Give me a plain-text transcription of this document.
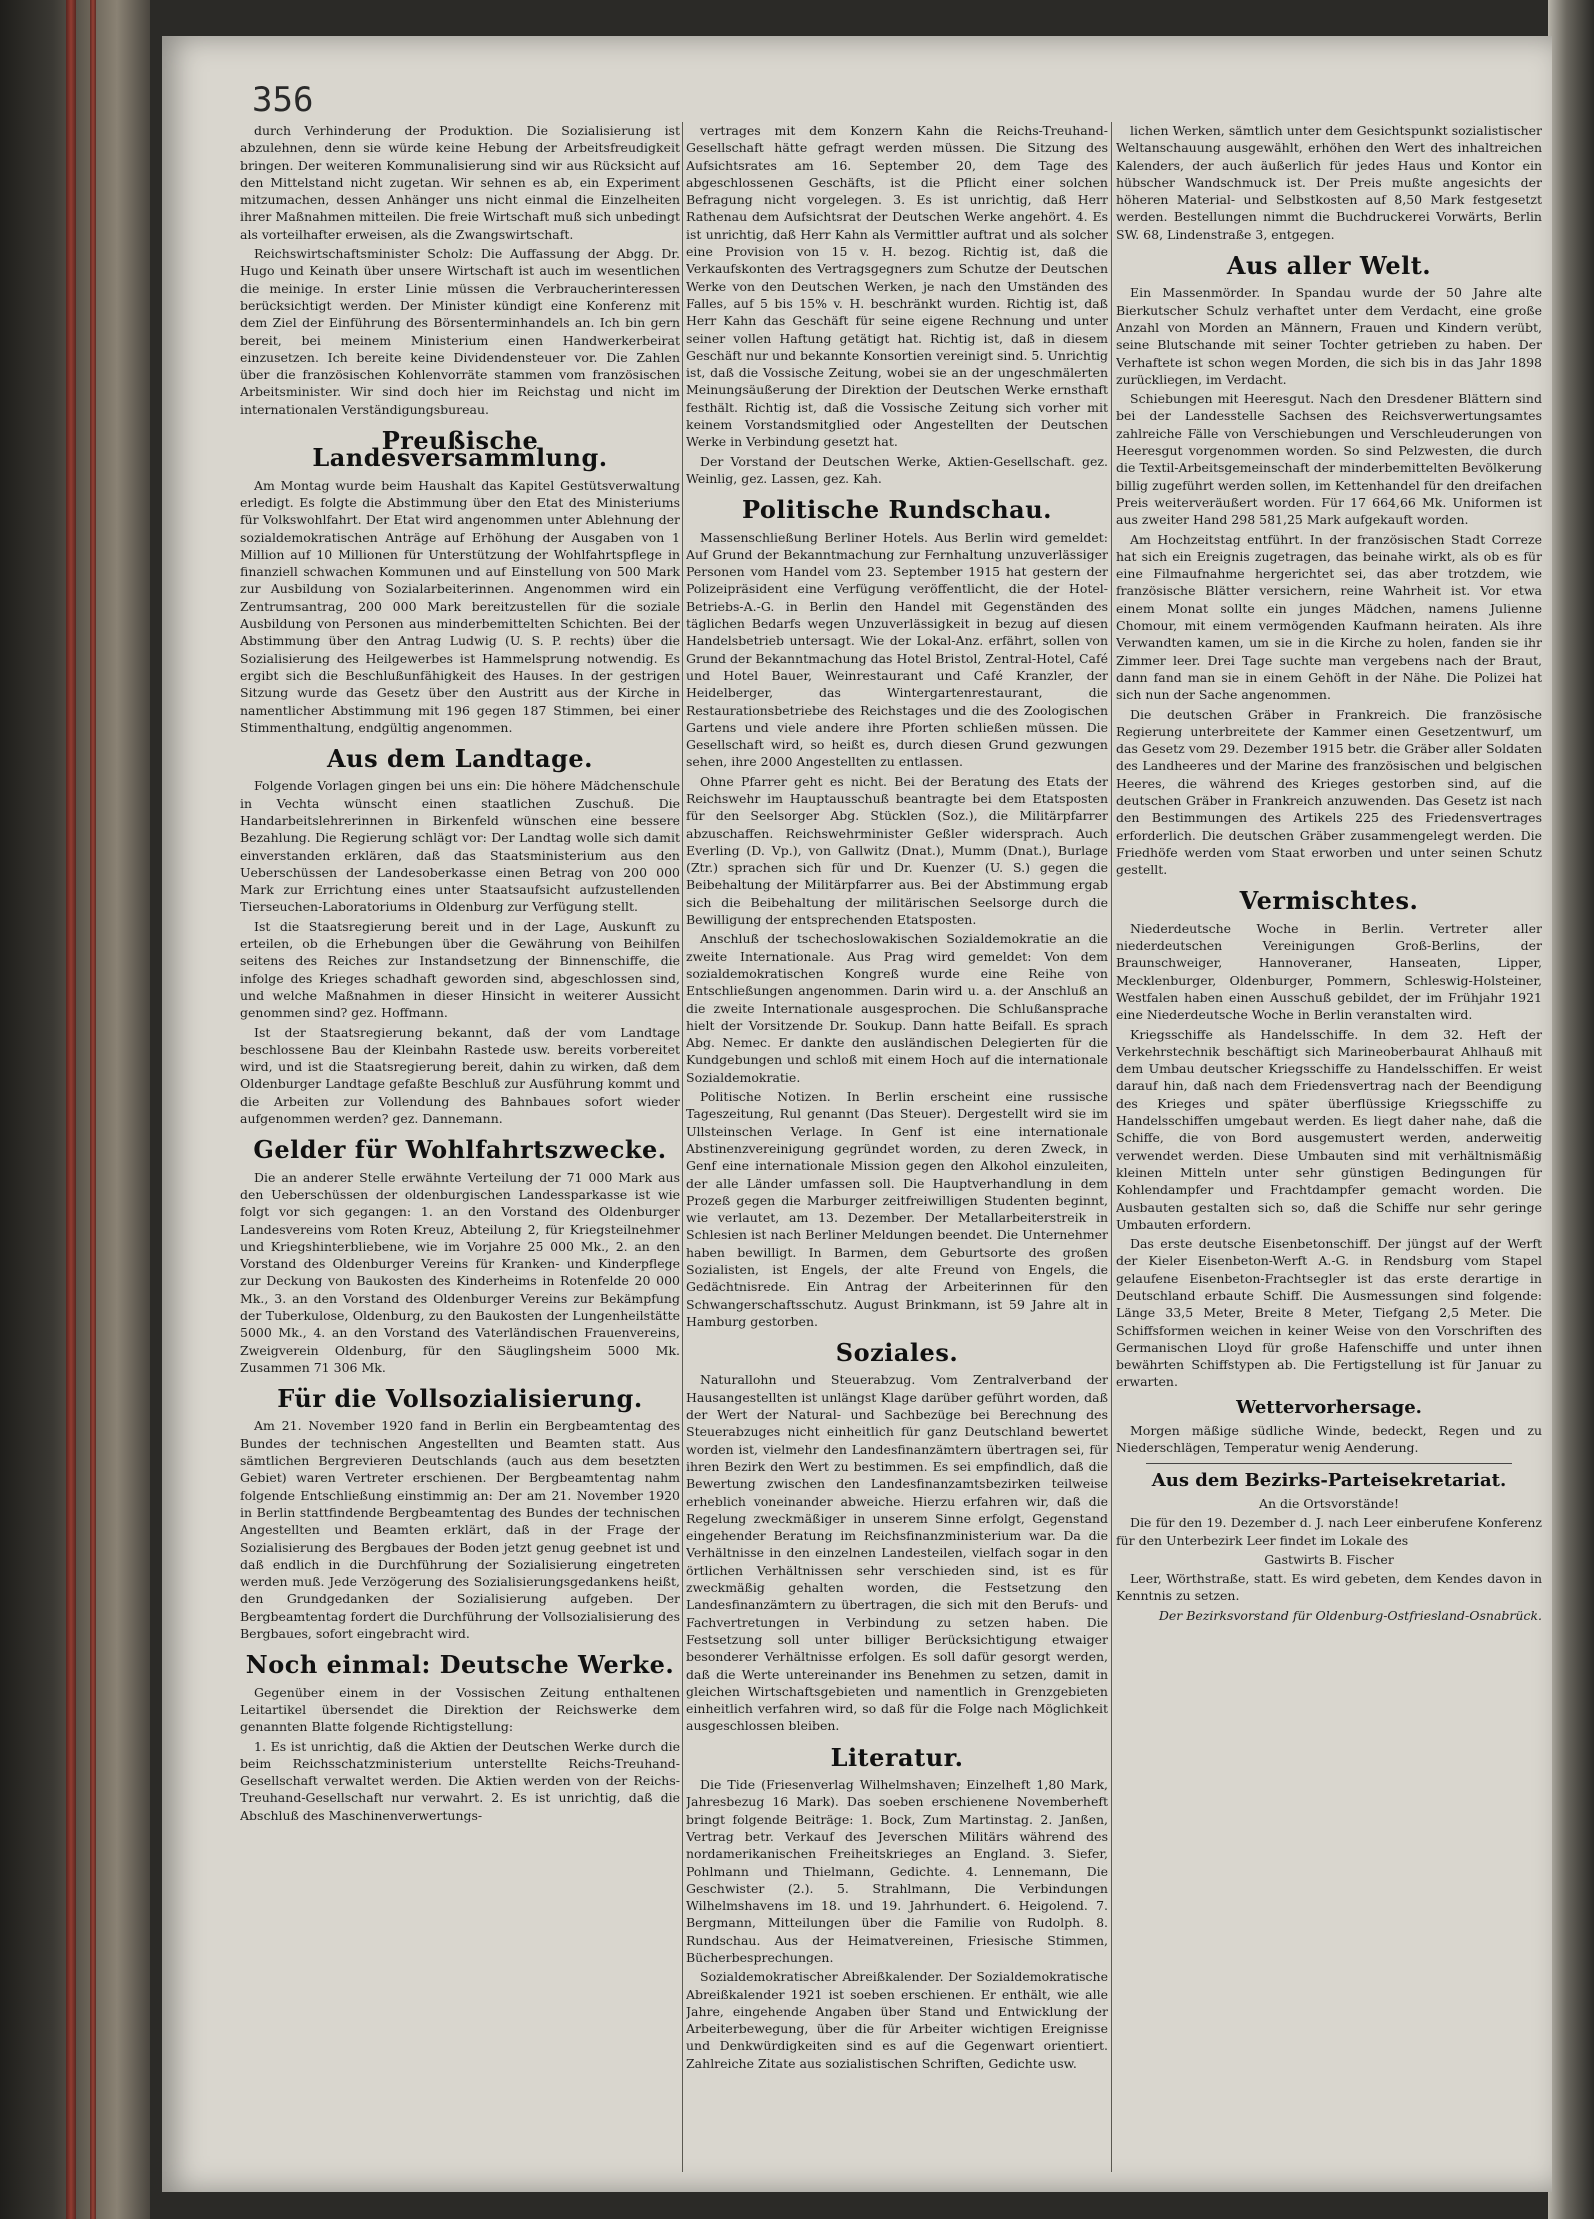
356

durch Verhinderung der Produktion. Die Sozialisierung ist abzulehnen, denn sie würde keine Hebung der Arbeitsfreudigkeit bringen. Der weiteren Kommunalisierung sind wir aus Rücksicht auf den Mittelstand nicht zugetan. Wir sehnen es ab, ein Experiment mitzumachen, dessen Anhänger uns nicht einmal die Einzelheiten ihrer Maßnahmen mitteilen. Die freie Wirtschaft muß sich unbedingt als vorteilhafter erweisen, als die Zwangswirtschaft.

Reichswirtschaftsminister Scholz: Die Auffassung der Abgg. Dr. Hugo und Keinath über unsere Wirtschaft ist auch im wesentlichen die meinige. In erster Linie müssen die Verbraucherinteressen berücksichtigt werden. Der Minister kündigt eine Konferenz mit dem Ziel der Einführung des Börsenterminhandels an. Ich bin gern bereit, bei meinem Ministerium einen Handwerkerbeirat einzusetzen. Ich bereite keine Dividendensteuer vor. Die Zahlen über die französischen Kohlenvorräte stammen vom französischen Arbeitsminister. Wir sind doch hier im Reichstag und nicht im internationalen Verständigungsbureau.

Preußische Landesversammlung.

Am Montag wurde beim Haushalt das Kapitel Gestütsverwaltung erledigt. Es folgte die Abstimmung über den Etat des Ministeriums für Volkswohlfahrt. Der Etat wird angenommen unter Ablehnung der sozialdemokratischen Anträge auf Erhöhung der Ausgaben von 1 Million auf 10 Millionen für Unterstützung der Wohlfahrtspflege in finanziell schwachen Kommunen und auf Einstellung von 500 Mark zur Ausbildung von Sozialarbeiterinnen. Angenommen wird ein Zentrumsantrag, 200 000 Mark bereitzustellen für die soziale Ausbildung von Personen aus minderbemittelten Schichten. Bei der Abstimmung über den Antrag Ludwig (U. S. P. rechts) über die Sozialisierung des Heilgewerbes ist Hammelsprung notwendig. Es ergibt sich die Beschlußunfähigkeit des Hauses. In der gestrigen Sitzung wurde das Gesetz über den Austritt aus der Kirche in namentlicher Abstimmung mit 196 gegen 187 Stimmen, bei einer Stimmenthaltung, endgültig angenommen.

Aus dem Landtage.

Folgende Vorlagen gingen bei uns ein: Die höhere Mädchenschule in Vechta wünscht einen staatlichen Zuschuß. Die Handarbeitslehrerinnen in Birkenfeld wünschen eine bessere Bezahlung. Die Regierung schlägt vor: Der Landtag wolle sich damit einverstanden erklären, daß das Staatsministerium aus den Ueberschüssen der Landesoberkasse einen Betrag von 200 000 Mark zur Errichtung eines unter Staatsaufsicht aufzustellenden Tierseuchen-Laboratoriums in Oldenburg zur Verfügung stellt.

Ist die Staatsregierung bereit und in der Lage, Auskunft zu erteilen, ob die Erhebungen über die Gewährung von Beihilfen seitens des Reiches zur Instandsetzung der Binnenschiffe, die infolge des Krieges schadhaft geworden sind, abgeschlossen sind, und welche Maßnahmen in dieser Hinsicht in weiterer Aussicht genommen sind? gez. Hoffmann.

Ist der Staatsregierung bekannt, daß der vom Landtage beschlossene Bau der Kleinbahn Rastede usw. bereits vorbereitet wird, und ist die Staatsregierung bereit, dahin zu wirken, daß dem Oldenburger Landtage gefaßte Beschluß zur Ausführung kommt und die Arbeiten zur Vollendung des Bahnbaues sofort wieder aufgenommen werden? gez. Dannemann.

Gelder für Wohlfahrtszwecke.

Die an anderer Stelle erwähnte Verteilung der 71 000 Mark aus den Ueberschüssen der oldenburgischen Landessparkasse ist wie folgt vor sich gegangen: 1. an den Vorstand des Oldenburger Landesvereins vom Roten Kreuz, Abteilung 2, für Kriegsteilnehmer und Kriegshinterbliebene, wie im Vorjahre 25 000 Mk., 2. an den Vorstand des Oldenburger Vereins für Kranken- und Kinderpflege zur Deckung von Baukosten des Kinderheims in Rotenfelde 20 000 Mk., 3. an den Vorstand des Oldenburger Vereins zur Bekämpfung der Tuberkulose, Oldenburg, zu den Baukosten der Lungenheilstätte 5000 Mk., 4. an den Vorstand des Vaterländischen Frauenvereins, Zweigverein Oldenburg, für den Säuglingsheim 5000 Mk. Zusammen 71 306 Mk.

Für die Vollsozialisierung.

Am 21. November 1920 fand in Berlin ein Bergbeamtentag des Bundes der technischen Angestellten und Beamten statt. Aus sämtlichen Bergrevieren Deutschlands (auch aus dem besetzten Gebiet) waren Vertreter erschienen. Der Bergbeamtentag nahm folgende Entschließung einstimmig an: Der am 21. November 1920 in Berlin stattfindende Bergbeamtentag des Bundes der technischen Angestellten und Beamten erklärt, daß in der Frage der Sozialisierung des Bergbaues der Boden jetzt genug geebnet ist und daß endlich in die Durchführung der Sozialisierung eingetreten werden muß. Jede Verzögerung des Sozialisierungsgedankens heißt, den Grundgedanken der Sozialisierung aufgeben. Der Bergbeamtentag fordert die Durchführung der Vollsozialisierung des Bergbaues, sofort eingebracht wird.

Noch einmal: Deutsche Werke.

Gegenüber einem in der Vossischen Zeitung enthaltenen Leitartikel übersendet die Direktion der Reichswerke dem genannten Blatte folgende Richtigstellung:

1. Es ist unrichtig, daß die Aktien der Deutschen Werke durch die beim Reichsschatzministerium unterstellte Reichs-Treuhand-Gesellschaft verwaltet werden. Die Aktien werden von der Reichs-Treuhand-Gesellschaft nur verwahrt. 2. Es ist unrichtig, daß die Abschluß des Maschinenverwertungs-

vertrages mit dem Konzern Kahn die Reichs-Treuhand-Gesellschaft hätte gefragt werden müssen. Die Sitzung des Aufsichtsrates am 16. September 20, dem Tage des abgeschlossenen Geschäfts, ist die Pflicht einer solchen Befragung nicht vorgelegen. 3. Es ist unrichtig, daß Herr Rathenau dem Aufsichtsrat der Deutschen Werke angehört. 4. Es ist unrichtig, daß Herr Kahn als Vermittler auftrat und als solcher eine Provision von 15 v. H. bezog. Richtig ist, daß die Verkaufskonten des Vertragsgegners zum Schutze der Deutschen Werke von den Deutschen Werken, je nach den Umständen des Falles, auf 5 bis 15% v. H. beschränkt wurden. Richtig ist, daß Herr Kahn das Geschäft für seine eigene Rechnung und unter seiner vollen Haftung getätigt hat. Richtig ist, daß in diesem Geschäft nur und bekannte Konsortien vereinigt sind. 5. Unrichtig ist, daß die Vossische Zeitung, wobei sie an der ungeschmälerten Meinungsäußerung der Direktion der Deutschen Werke ernsthaft festhält. Richtig ist, daß die Vossische Zeitung sich vorher mit keinem Vorstandsmitglied oder Angestellten der Deutschen Werke in Verbindung gesetzt hat.

Der Vorstand der Deutschen Werke, Aktien-Gesellschaft. gez. Weinlig, gez. Lassen, gez. Kah.

Politische Rundschau.

Massenschließung Berliner Hotels. Aus Berlin wird gemeldet: Auf Grund der Bekanntmachung zur Fernhaltung unzuverlässiger Personen vom Handel vom 23. September 1915 hat gestern der Polizeipräsident eine Verfügung veröffentlicht, die der Hotel-Betriebs-A.-G. in Berlin den Handel mit Gegenständen des täglichen Bedarfs wegen Unzuverlässigkeit in bezug auf diesen Handelsbetrieb untersagt. Wie der Lokal-Anz. erfährt, sollen von Grund der Bekanntmachung das Hotel Bristol, Zentral-Hotel, Café und Hotel Bauer, Weinrestaurant und Café Kranzler, der Heidelberger, das Wintergartenrestaurant, die Restaurationsbetriebe des Reichstages und die des Zoologischen Gartens und viele andere ihre Pforten schließen müssen. Die Gesellschaft wird, so heißt es, durch diesen Grund gezwungen sehen, ihre 2000 Angestellten zu entlassen.

Ohne Pfarrer geht es nicht. Bei der Beratung des Etats der Reichswehr im Hauptausschuß beantragte bei dem Etatsposten für den Seelsorger Abg. Stücklen (Soz.), die Militärpfarrer abzuschaffen. Reichswehrminister Geßler widersprach. Auch Everling (D. Vp.), von Gallwitz (Dnat.), Mumm (Dnat.), Burlage (Ztr.) sprachen sich für und Dr. Kuenzer (U. S.) gegen die Beibehaltung der Militärpfarrer aus. Bei der Abstimmung ergab sich die Beibehaltung der militärischen Seelsorge durch die Bewilligung der entsprechenden Etatsposten.

Anschluß der tschechoslowakischen Sozialdemokratie an die zweite Internationale. Aus Prag wird gemeldet: Von dem sozialdemokratischen Kongreß wurde eine Reihe von Entschließungen angenommen. Darin wird u. a. der Anschluß an die zweite Internationale ausgesprochen. Die Schlußansprache hielt der Vorsitzende Dr. Soukup. Dann hatte Beifall. Es sprach Abg. Nemec. Er dankte den ausländischen Delegierten für die Kundgebungen und schloß mit einem Hoch auf die internationale Sozialdemokratie.

Politische Notizen. In Berlin erscheint eine russische Tageszeitung, Rul genannt (Das Steuer). Dergestellt wird sie im Ullsteinschen Verlage. In Genf ist eine internationale Abstinenzvereinigung gegründet worden, zu deren Zweck, in Genf eine internationale Mission gegen den Alkohol einzuleiten, der alle Länder umfassen soll. Die Hauptverhandlung in dem Prozeß gegen die Marburger zeitfreiwilligen Studenten beginnt, wie verlautet, am 13. Dezember. Der Metallarbeiterstreik in Schlesien ist nach Berliner Meldungen beendet. Die Unternehmer haben bewilligt. In Barmen, dem Geburtsorte des großen Sozialisten, ist Engels, der alte Freund von Engels, die Gedächtnisrede. Ein Antrag der Arbeiterinnen für den Schwangerschaftsschutz. August Brinkmann, ist 59 Jahre alt in Hamburg gestorben.

Soziales.

Naturallohn und Steuerabzug. Vom Zentralverband der Hausangestellten ist unlängst Klage darüber geführt worden, daß der Wert der Natural- und Sachbezüge bei Berechnung des Steuerabzuges nicht einheitlich für ganz Deutschland bewertet worden ist, vielmehr den Landesfinanzämtern übertragen sei, für ihren Bezirk den Wert zu bestimmen. Es sei empfindlich, daß die Bewertung zwischen den Landesfinanzamtsbezirken teilweise erheblich voneinander abweiche. Hierzu erfahren wir, daß die Regelung zweckmäßiger in unserem Sinne erfolgt, Gegenstand eingehender Beratung im Reichsfinanzministerium war. Da die Verhältnisse in den einzelnen Landesteilen, vielfach sogar in den örtlichen Verhältnissen sehr verschieden sind, ist es für zweckmäßig gehalten worden, die Festsetzung den Landesfinanzämtern zu übertragen, die sich mit den Berufs- und Fachvertretungen in Verbindung zu setzen haben. Die Festsetzung soll unter billiger Berücksichtigung etwaiger besonderer Verhältnisse erfolgen. Es soll dafür gesorgt werden, daß die Werte untereinander ins Benehmen zu setzen, damit in gleichen Wirtschaftsgebieten und namentlich in Grenzgebieten einheitlich verfahren wird, so daß für die Folge nach Möglichkeit ausgeschlossen bleiben.

Literatur.

Die Tide (Friesenverlag Wilhelmshaven; Einzelheft 1,80 Mark, Jahresbezug 16 Mark). Das soeben erschienene Novemberheft bringt folgende Beiträge: 1. Bock, Zum Martinstag. 2. Janßen, Vertrag betr. Verkauf des Jeverschen Militärs während des nordamerikanischen Freiheitskrieges an England. 3. Siefer, Pohlmann und Thielmann, Gedichte. 4. Lennemann, Die Geschwister (2.). 5. Strahlmann, Die Verbindungen Wilhelmshavens im 18. und 19. Jahrhundert. 6. Heigolend. 7. Bergmann, Mitteilungen über die Familie von Rudolph. 8. Rundschau. Aus der Heimatvereinen, Friesische Stimmen, Bücherbesprechungen.

Sozialdemokratischer Abreißkalender. Der Sozialdemokratische Abreißkalender 1921 ist soeben erschienen. Er enthält, wie alle Jahre, eingehende Angaben über Stand und Entwicklung der Arbeiterbewegung, über die für Arbeiter wichtigen Ereignisse und Denkwürdigkeiten sind es auf die Gegenwart orientiert. Zahlreiche Zitate aus sozialistischen Schriften, Gedichte usw.

lichen Werken, sämtlich unter dem Gesichtspunkt sozialistischer Weltanschauung ausgewählt, erhöhen den Wert des inhaltreichen Kalenders, der auch äußerlich für jedes Haus und Kontor ein hübscher Wandschmuck ist. Der Preis mußte angesichts der höheren Material- und Selbstkosten auf 8,50 Mark festgesetzt werden. Bestellungen nimmt die Buchdruckerei Vorwärts, Berlin SW. 68, Lindenstraße 3, entgegen.

Aus aller Welt.

Ein Massenmörder. In Spandau wurde der 50 Jahre alte Bierkutscher Schulz verhaftet unter dem Verdacht, eine große Anzahl von Morden an Männern, Frauen und Kindern verübt, seine Blutschande mit seiner Tochter getrieben zu haben. Der Verhaftete ist schon wegen Morden, die sich bis in das Jahr 1898 zurückliegen, im Verdacht.

Schiebungen mit Heeresgut. Nach den Dresdener Blättern sind bei der Landesstelle Sachsen des Reichsverwertungsamtes zahlreiche Fälle von Verschiebungen und Verschleuderungen von Heeresgut vorgenommen worden. So sind Pelzwesten, die durch die Textil-Arbeitsgemeinschaft der minderbemittelten Bevölkerung billig zugeführt werden sollen, im Kettenhandel für den dreifachen Preis weiterveräußert worden. Für 17 664,66 Mk. Uniformen ist aus zweiter Hand 298 581,25 Mark aufgekauft worden.

Am Hochzeitstag entführt. In der französischen Stadt Correze hat sich ein Ereignis zugetragen, das beinahe wirkt, als ob es für eine Filmaufnahme hergerichtet sei, das aber trotzdem, wie französische Blätter versichern, reine Wahrheit ist. Vor etwa einem Monat sollte ein junges Mädchen, namens Julienne Chomour, mit einem vermögenden Kaufmann heiraten. Als ihre Verwandten kamen, um sie in die Kirche zu holen, fanden sie ihr Zimmer leer. Drei Tage suchte man vergebens nach der Braut, dann fand man sie in einem Gehöft in der Nähe. Die Polizei hat sich nun der Sache angenommen.

Die deutschen Gräber in Frankreich. Die französische Regierung unterbreitete der Kammer einen Gesetzentwurf, um das Gesetz vom 29. Dezember 1915 betr. die Gräber aller Soldaten des Landheeres und der Marine des französischen und belgischen Heeres, die während des Krieges gestorben sind, auf die deutschen Gräber in Frankreich anzuwenden. Das Gesetz ist nach den Bestimmungen des Artikels 225 des Friedensvertrages erforderlich. Die deutschen Gräber zusammengelegt werden. Die Friedhöfe werden vom Staat erworben und unter seinen Schutz gestellt.

Vermischtes.

Niederdeutsche Woche in Berlin. Vertreter aller niederdeutschen Vereinigungen Groß-Berlins, der Braunschweiger, Hannoveraner, Hanseaten, Lipper, Mecklenburger, Oldenburger, Pommern, Schleswig-Holsteiner, Westfalen haben einen Ausschuß gebildet, der im Frühjahr 1921 eine Niederdeutsche Woche in Berlin veranstalten wird.

Kriegsschiffe als Handelsschiffe. In dem 32. Heft der Verkehrstechnik beschäftigt sich Marineoberbaurat Ahlhauß mit dem Umbau deutscher Kriegsschiffe zu Handelsschiffen. Er weist darauf hin, daß nach dem Friedensvertrag nach der Beendigung des Krieges und später überflüssige Kriegsschiffe zu Handelsschiffen umgebaut werden. Es liegt daher nahe, daß die Schiffe, die von Bord ausgemustert werden, anderweitig verwendet werden. Diese Umbauten sind mit verhältnismäßig kleinen Mitteln unter sehr günstigen Bedingungen für Kohlendampfer und Frachtdampfer gemacht worden. Die Ausbauten gestalten sich so, daß die Schiffe nur sehr geringe Umbauten erfordern.

Das erste deutsche Eisenbetonschiff. Der jüngst auf der Werft der Kieler Eisenbeton-Werft A.-G. in Rendsburg vom Stapel gelaufene Eisenbeton-Frachtsegler ist das erste derartige in Deutschland erbaute Schiff. Die Ausmessungen sind folgende: Länge 33,5 Meter, Breite 8 Meter, Tiefgang 2,5 Meter. Die Schiffsformen weichen in keiner Weise von den Vorschriften des Germanischen Lloyd für große Hafenschiffe und unter ihnen bewährten Schiffstypen ab. Die Fertigstellung ist für Januar zu erwarten.

Wettervorhersage.

Morgen mäßige südliche Winde, bedeckt, Regen und zu Niederschlägen, Temperatur wenig Aenderung.

Aus dem Bezirks-Parteisekretariat.

An die Ortsvorstände!

Die für den 19. Dezember d. J. nach Leer einberufene Konferenz für den Unterbezirk Leer findet im Lokale des

Gastwirts B. Fischer

Leer, Wörthstraße, statt. Es wird gebeten, dem Kendes davon in Kenntnis zu setzen.

Der Bezirksvorstand für Oldenburg-Ostfriesland-Osnabrück.
